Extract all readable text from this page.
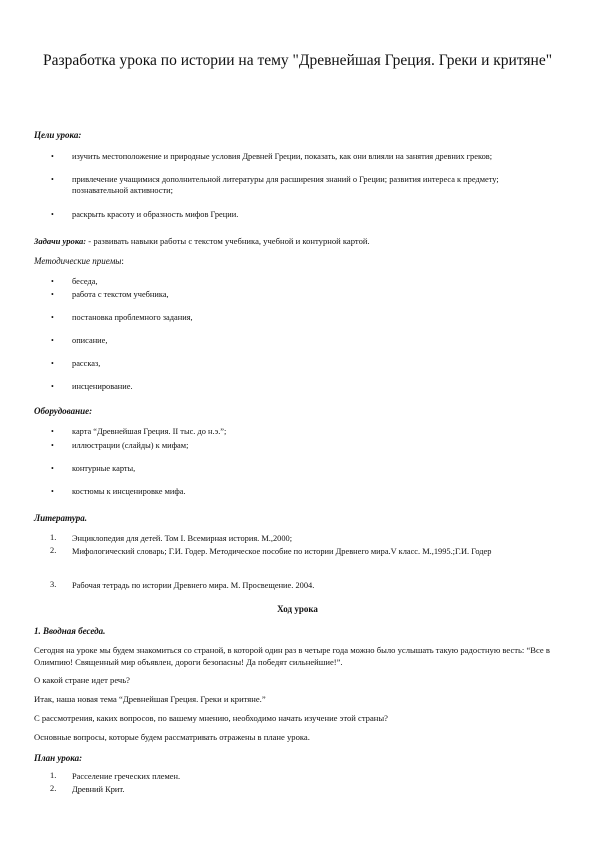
Разработка урока по истории на тему "Древнейшая Греция. Греки и критяне"
Цели урока:
• изучить местоположение и природные условия Древней Греции, показать, как они влияли на занятия древних греков;
• привлечение учащимися дополнительной литературы для расширения знаний о Греции; развития интереса к предмету; познавательной активности;
• раскрыть красоту и образность мифов Греции.
Задачи урока: - развивать навыки работы с текстом учебника, учебной и контурной картой.
Методические приемы:
• беседа,
• работа с текстом учебника,
• постановка проблемного задания,
• описание,
• рассказ,
• инсценирование.
Оборудование:
• карта “Древнейшая Греция. II тыс. до н.э.”;
• иллюстрации (слайды) к мифам;
• контурные карты,
• костюмы к инсценировке мифа.
Литература.
1. Энциклопедия для детей. Том I. Всемирная история. М.,2000;
2. Мифологический словарь; Г.И. Годер. Методическое пособие по истории Древнего мира.V класс. М.,1995.;Г.И. Годер
3. Рабочая тетрадь по истории Древнего мира. М. Просвещение. 2004.
Ход урока
1. Вводная беседа.
Сегодня на уроке мы будем знакомиться со страной, в которой один раз в четыре года можно было услышать такую радостную весть: “Все в Олимпию! Священный мир объявлен, дороги безопасны! Да победят сильнейшие!”.
О какой стране идет речь?
Итак, наша новая тема “Древнейшая Греция. Греки и критяне.”
С рассмотрения, каких вопросов, по вашему мнению, необходимо начать изучение этой страны?
Основные вопросы, которые будем рассматривать отражены в плане урока.
План урока:
1. Расселение греческих племен.
2. Древний Крит.
